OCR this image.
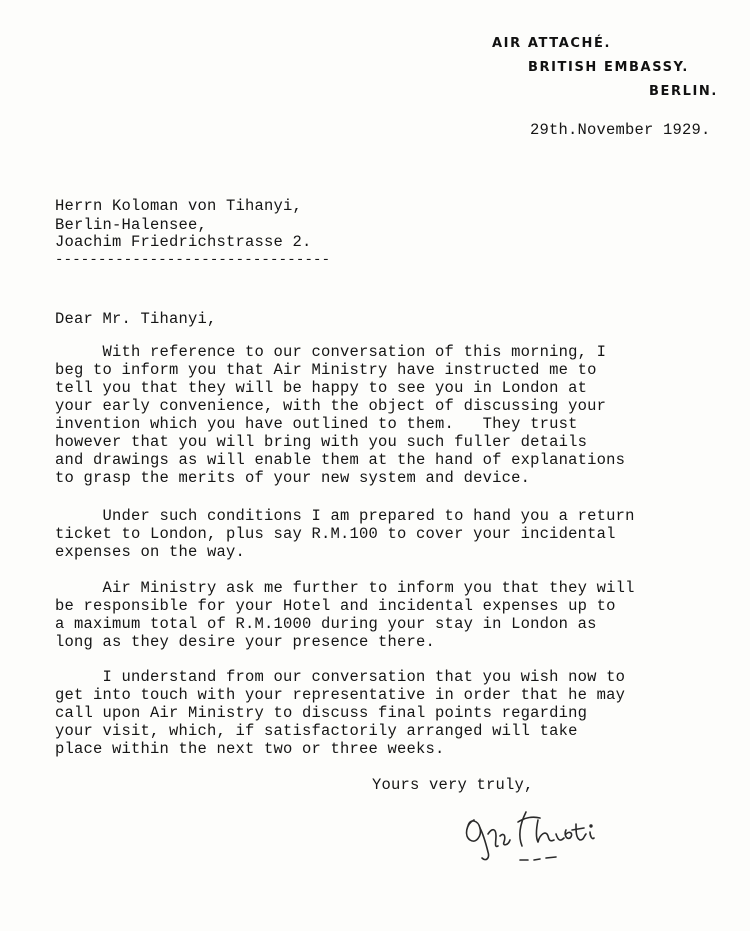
AIR ATTACHÉ.
BRITISH EMBASSY.
BERLIN.
29th.November 1929.
Herrn Koloman von Tihanyi,
Berlin-Halensee,
Joachim Friedrichstrasse 2.
--------------------------------
Dear Mr. Tihanyi,
With reference to our conversation of this morning, I
beg to inform you that Air Ministry have instructed me to
tell you that they will be happy to see you in London at
your early convenience, with the object of discussing your
invention which you have outlined to them.   They trust
however that you will bring with you such fuller details
and drawings as will enable them at the hand of explanations
to grasp the merits of your new system and device.
Under such conditions I am prepared to hand you a return
ticket to London, plus say R.M.100 to cover your incidental
expenses on the way.
Air Ministry ask me further to inform you that they will
be responsible for your Hotel and incidental expenses up to
a maximum total of R.M.1000 during your stay in London as
long as they desire your presence there.
I understand from our conversation that you wish now to
get into touch with your representative in order that he may
call upon Air Ministry to discuss final points regarding
your visit, which, if satisfactorily arranged will take
place within the next two or three weeks.
Yours very truly,
